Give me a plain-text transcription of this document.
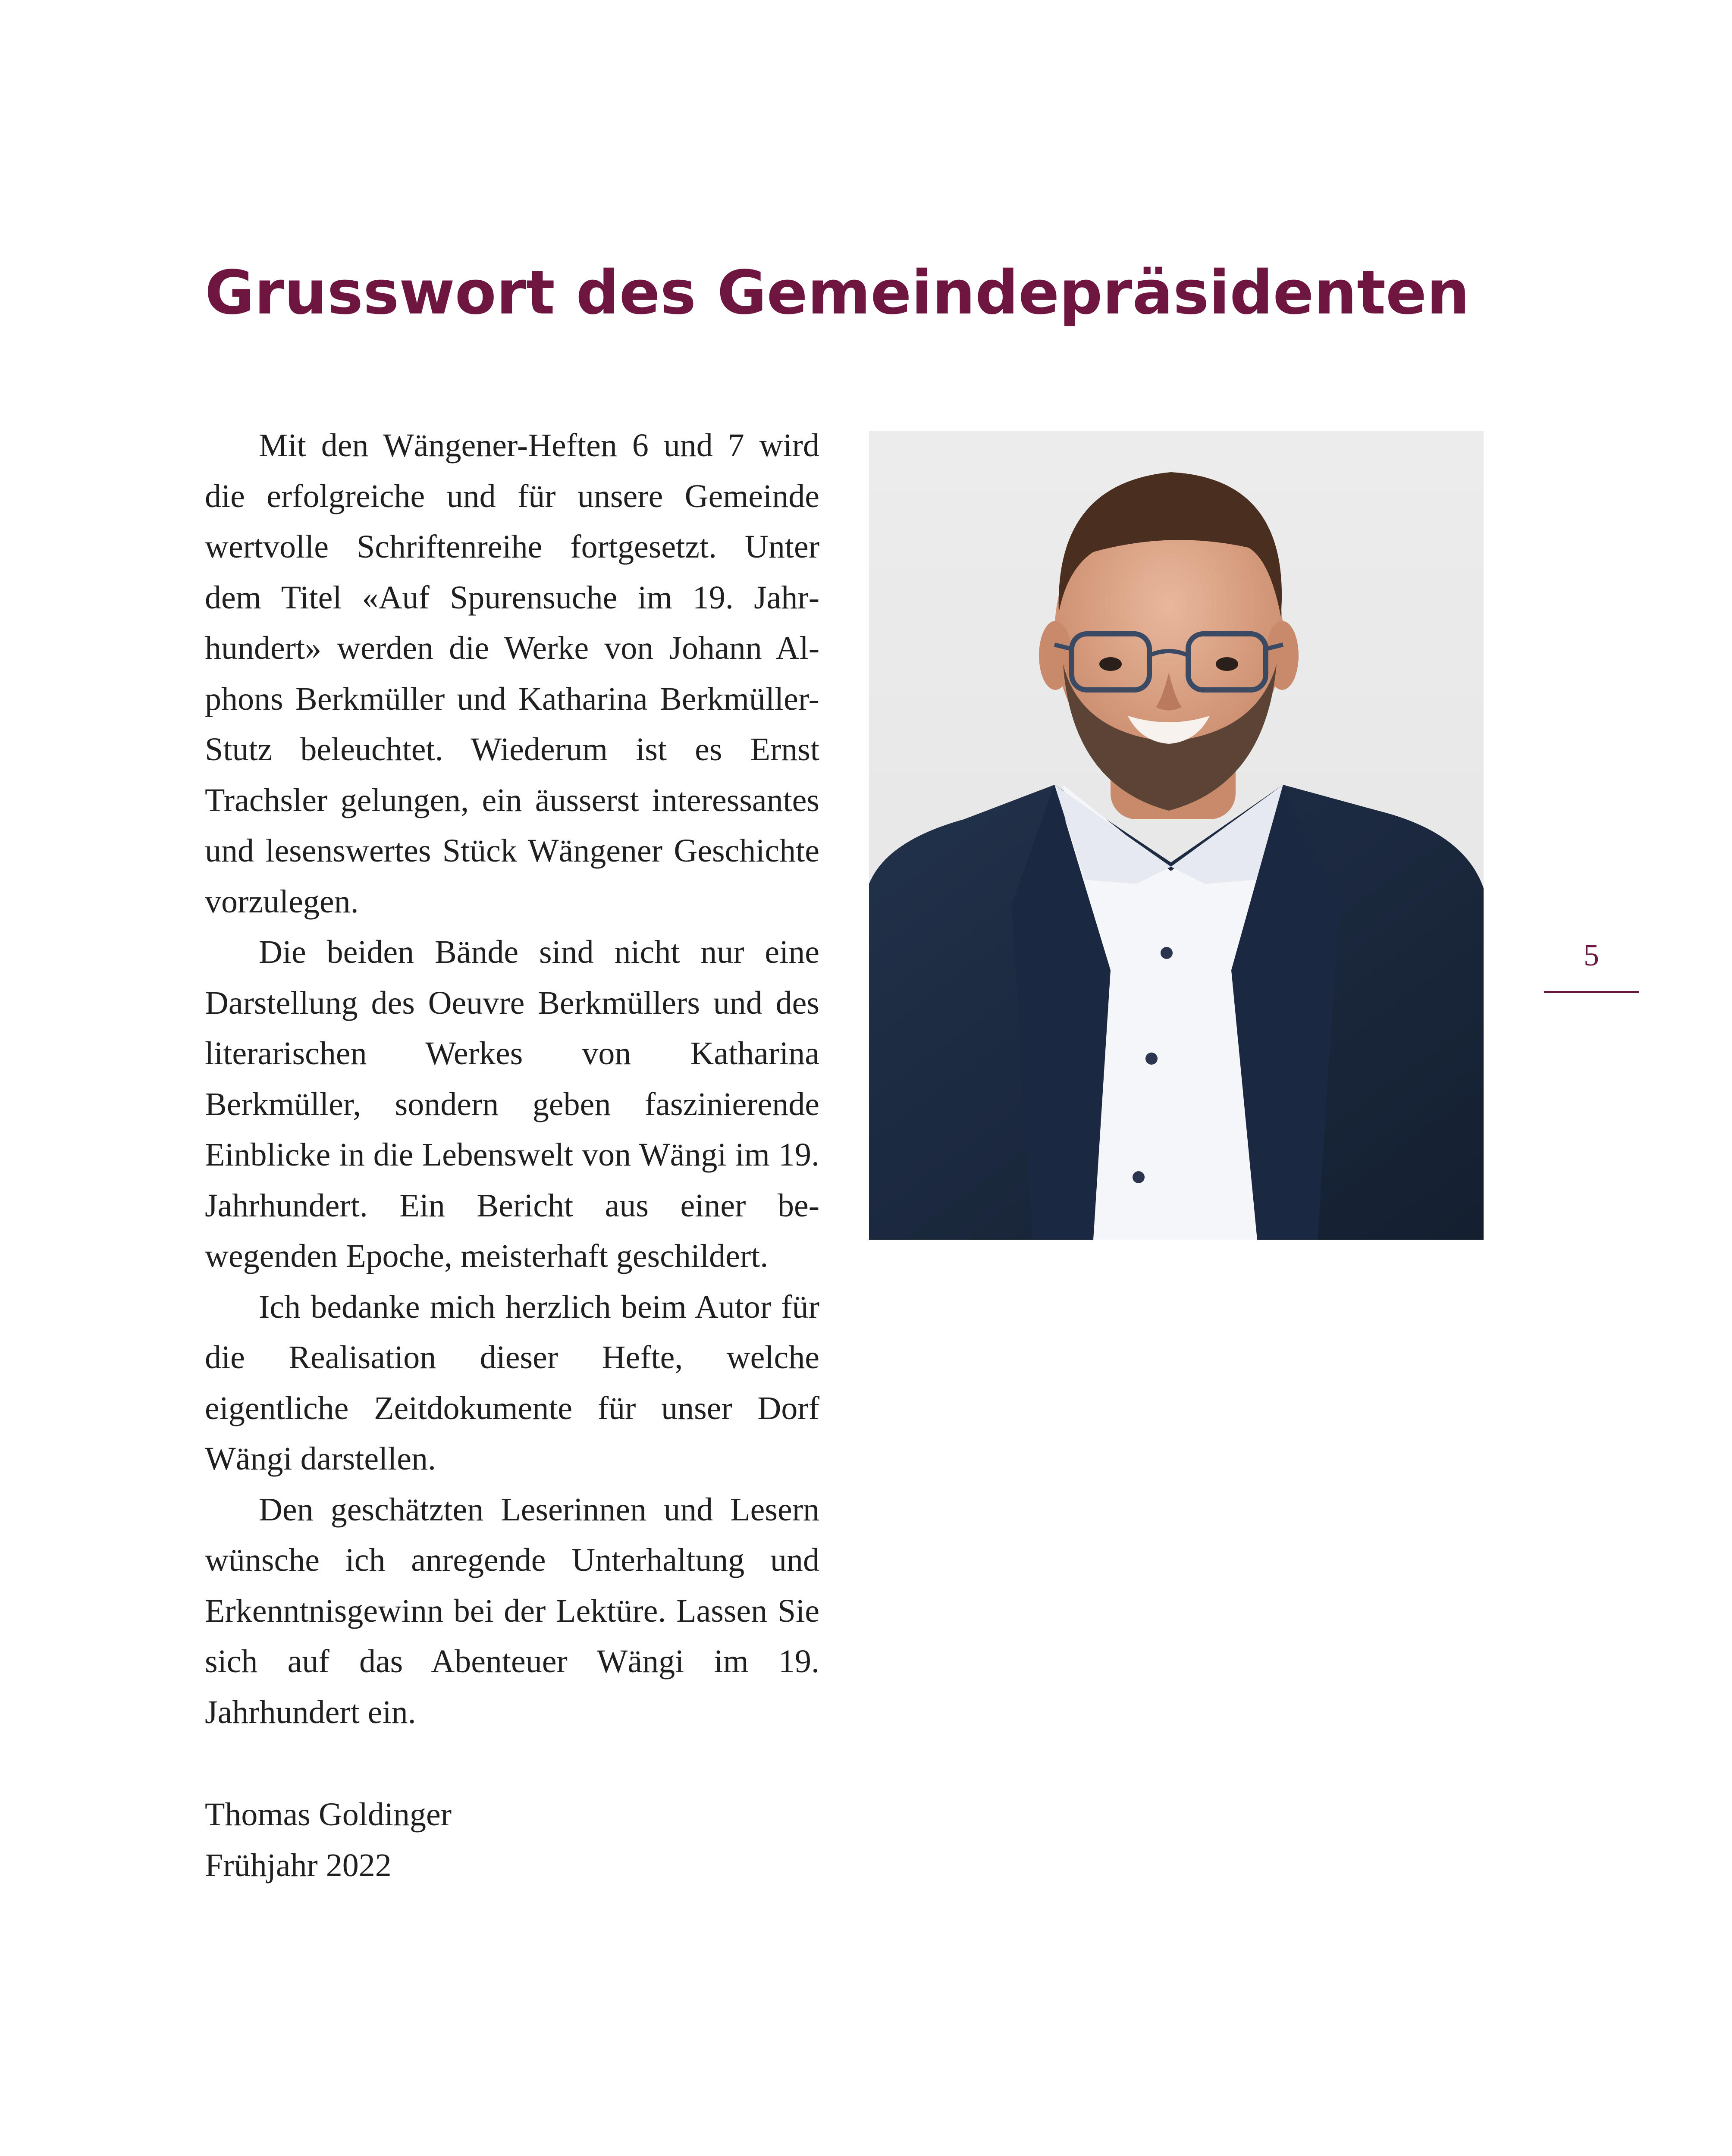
Grusswort des Gemeindepräsidenten

Mit den Wängener-Heften 6 und 7 wird die erfolgreiche und für unsere Gemeinde wertvolle Schriftenreihe fortgesetzt. Unter dem Titel «Auf Spurensuche im 19. Jahrhundert» werden die Werke von Johann Alphons Berkmüller und Katharina Berkmüller-Stutz beleuchtet. Wiederum ist es Ernst Trachsler gelungen, ein äusserst interessantes und lesenswertes Stück Wängener Geschichte vorzulegen.

Die beiden Bände sind nicht nur eine Darstellung des Oeuvre Berkmüllers und des literarischen Werkes von Katharina Berkmüller, sondern geben faszinierende Einblicke in die Lebenswelt von Wängi im 19. Jahrhundert. Ein Bericht aus einer bewegenden Epoche, meisterhaft geschildert.

Ich bedanke mich herzlich beim Autor für die Realisation dieser Hefte, welche eigentliche Zeitdokumente für unser Dorf Wängi darstellen.

Den geschätzten Leserinnen und Lesern wünsche ich anregende Unterhaltung und Erkenntnisgewinn bei der Lektüre. Lassen Sie sich auf das Abenteuer Wängi im 19. Jahrhundert ein.

Thomas Goldinger
Frühjahr 2022
5
